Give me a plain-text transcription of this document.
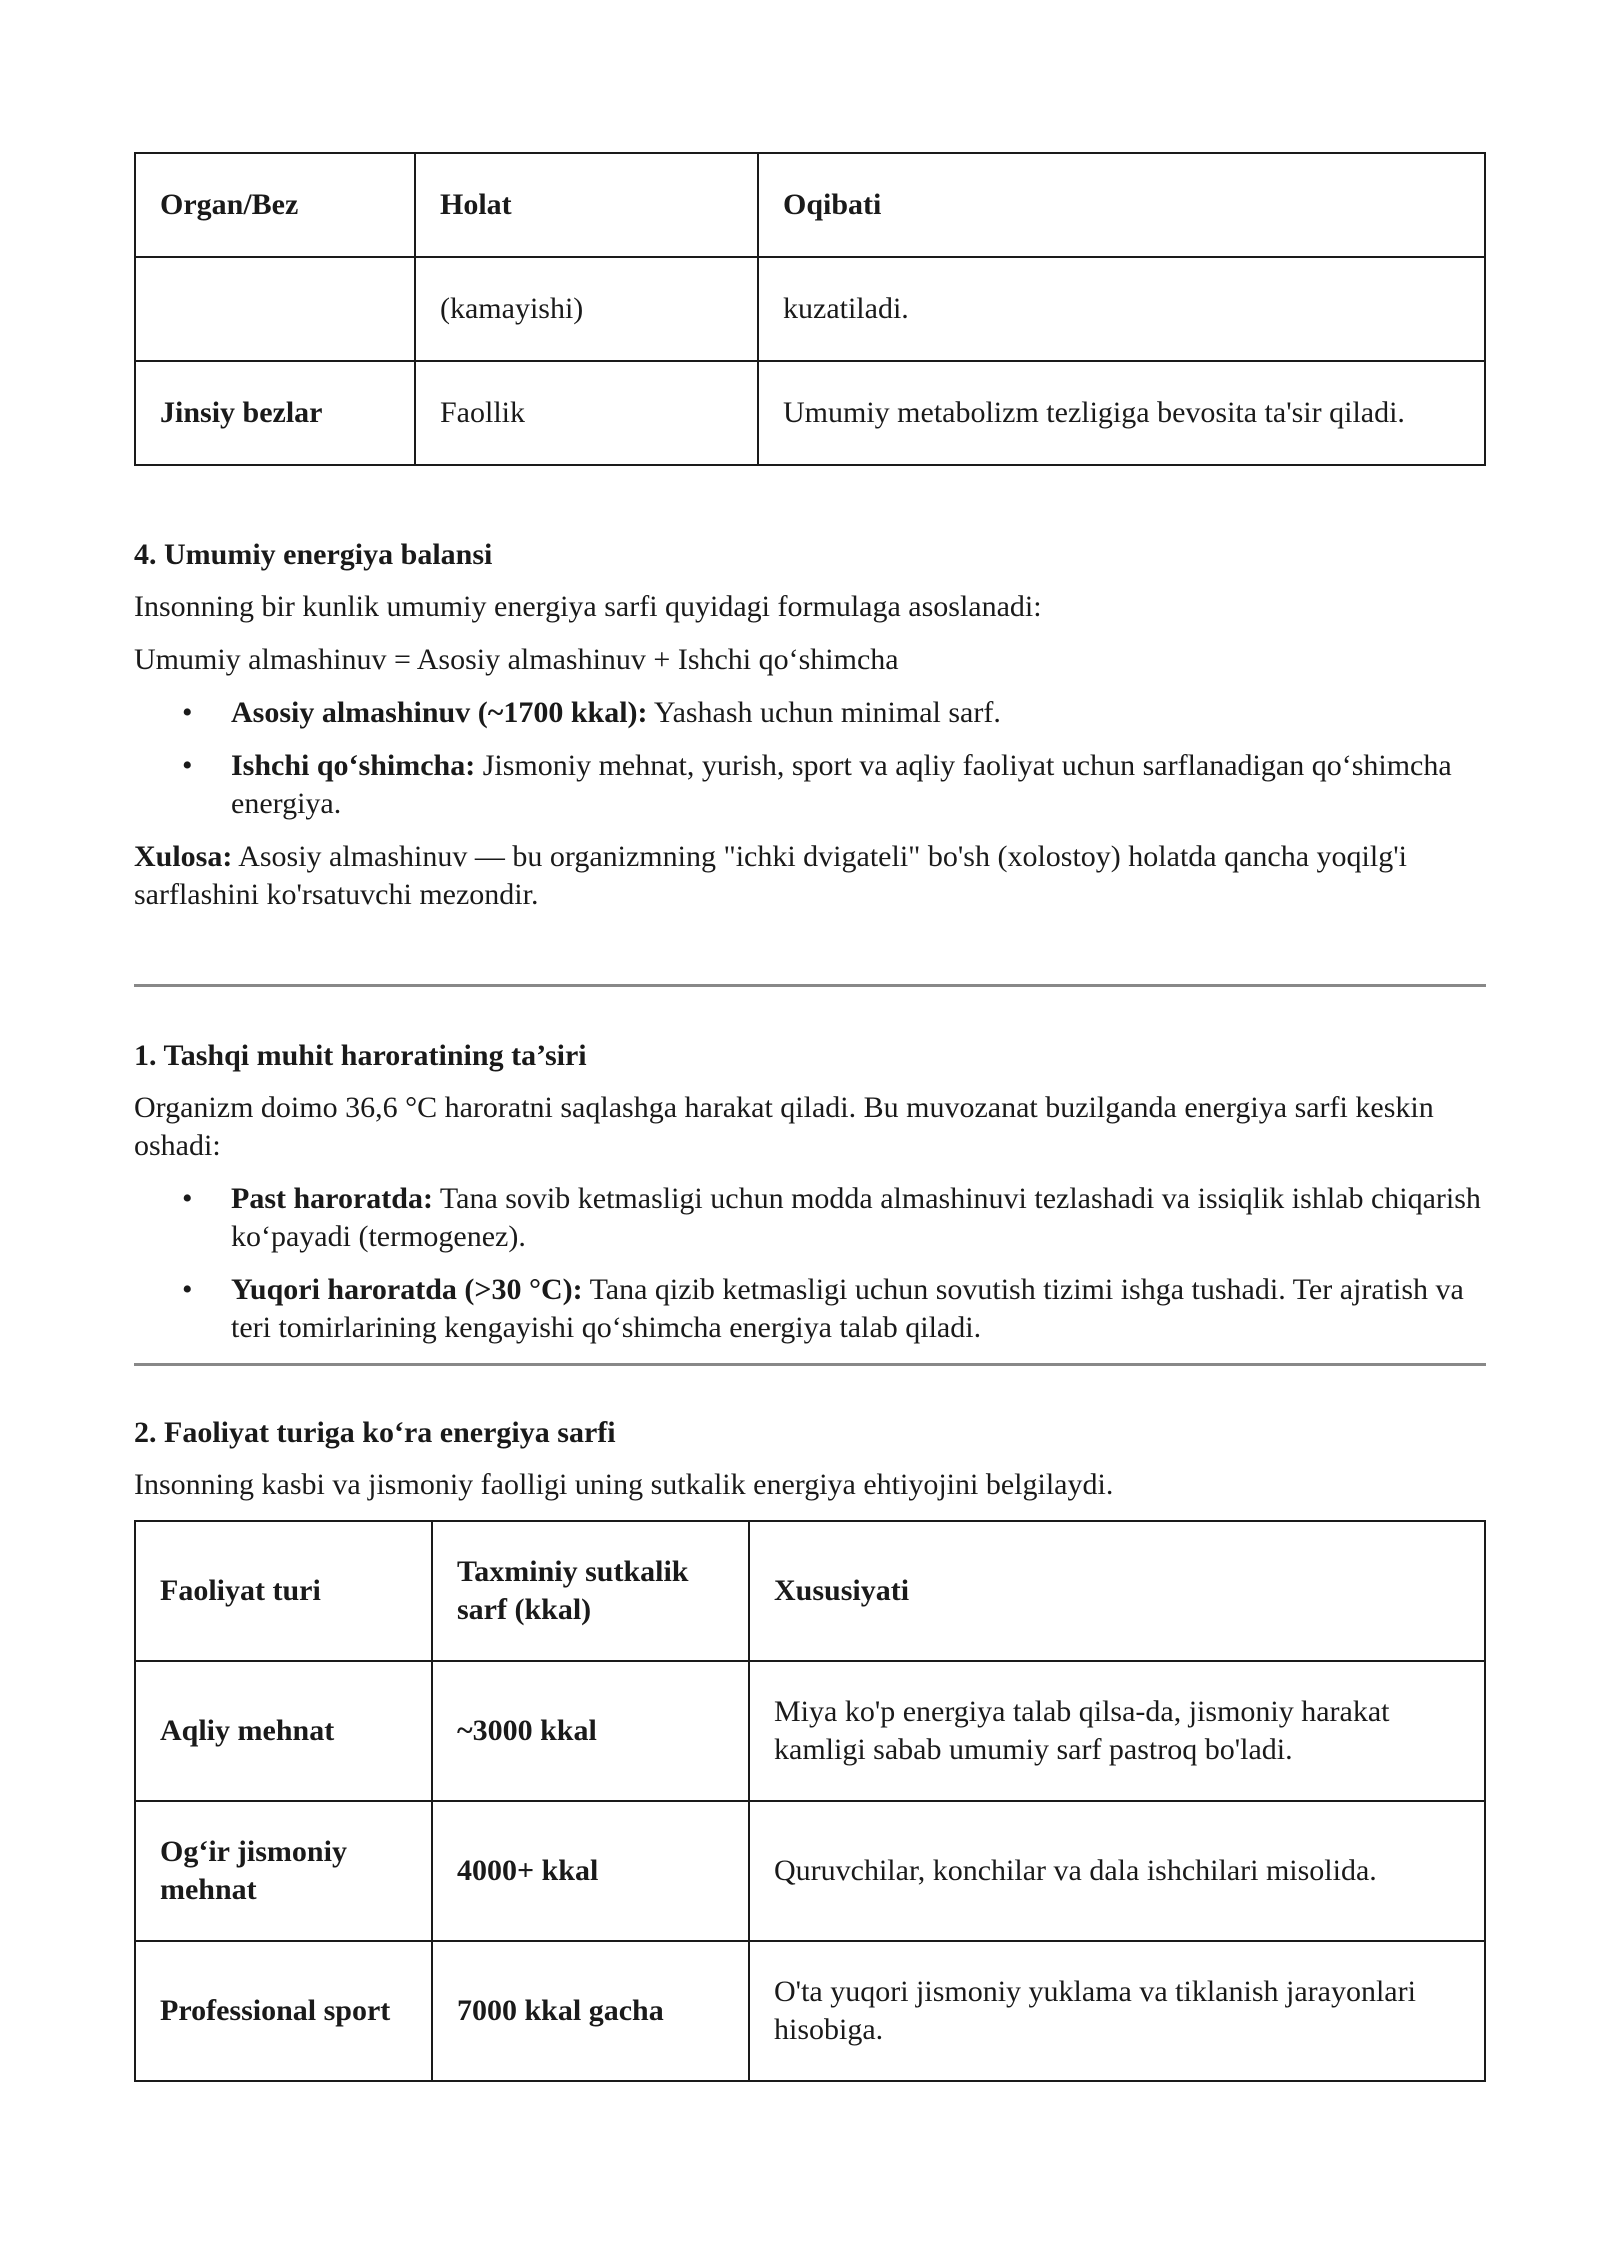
Organ/Bez	Holat	Oqibati
	(kamayishi)	kuzatiladi.
Jinsiy bezlar	Faollik	Umumiy metabolizm tezligiga bevosita ta'sir qiladi.
4. Umumiy energiya balansi

Insonning bir kunlik umumiy energiya sarfi quyidagi formulaga asoslanadi:

Umumiy almashinuv = Asosiy almashinuv + Ishchi qo‘shimcha

• Asosiy almashinuv (~1700 kkal): Yashash uchun minimal sarf.
• Ishchi qo‘shimcha: Jismoniy mehnat, yurish, sport va aqliy faoliyat uchun sarflanadigan qo‘shimcha energiya.

Xulosa: Asosiy almashinuv — bu organizmning "ichki dvigateli" bo'sh (xolostoy) holatda qancha yoqilg'i sarflashini ko'rsatuvchi mezondir.

1. Tashqi muhit haroratining ta’siri

Organizm doimo 36,6 °C haroratni saqlashga harakat qiladi. Bu muvozanat buzilganda energiya sarfi keskin oshadi:

• Past haroratda: Tana sovib ketmasligi uchun modda almashinuvi tezlashadi va issiqlik ishlab chiqarish ko‘payadi (termogenez).
• Yuqori haroratda (>30 °C): Tana qizib ketmasligi uchun sovutish tizimi ishga tushadi. Ter ajratish va teri tomirlarining kengayishi qo‘shimcha energiya talab qiladi.
2. Faoliyat turiga ko‘ra energiya sarfi

Insonning kasbi va jismoniy faolligi uning sutkalik energiya ehtiyojini belgilaydi.

Faoliyat turi	Taxminiy sutkalik sarf (kkal)	Xususiyati
Aqliy mehnat	~3000 kkal	Miya ko'p energiya talab qilsa-da, jismoniy harakat kamligi sabab umumiy sarf pastroq bo'ladi.
Og‘ir jismoniy mehnat	4000+ kkal	Quruvchilar, konchilar va dala ishchilari misolida.
Professional sport	7000 kkal gacha	O'ta yuqori jismoniy yuklama va tiklanish jarayonlari hisobiga.
